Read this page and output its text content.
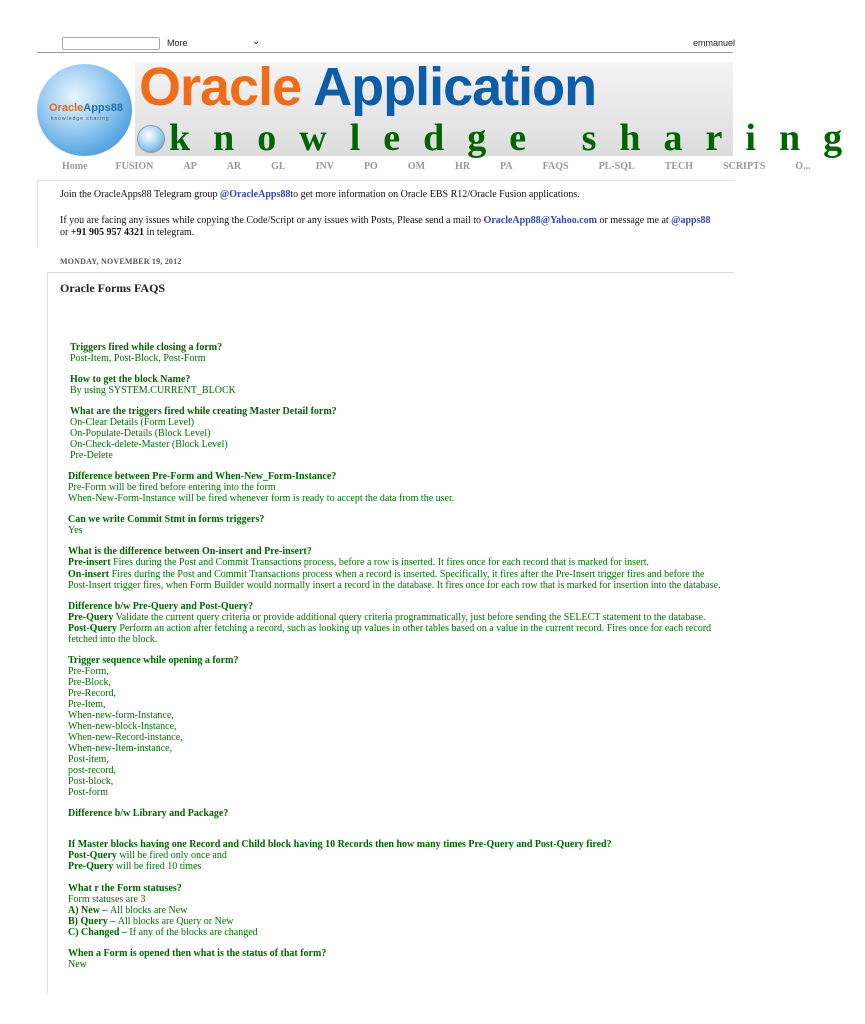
More	⌄	emmanuel
OracleApps88
knowledge sharing
Oracle Application
knowledge sharing
Home	FUSION	AP	AR	GL	INV	PO	OM	HR	PA	FAQS	PL-SQL	TECH	SCRIPTS	O...
Join the OracleApps88 Telegram group @OracleApps88to get more information on Oracle EBS R12/Oracle Fusion applications.
If you are facing any issues while copying the Code/Script or any issues with Posts, Please send a mail to OracleApp88@Yahoo.com or message me at @apps88
or +91 905 957 4321 in telegram.
MONDAY, NOVEMBER 19, 2012
Oracle Forms FAQS
Triggers fired while closing a form?
Post-Item, Post-Block, Post-Form
How to get the block Name?
By using SYSTEM.CURRENT_BLOCK
What are the triggers fired while creating Master Detail form?
On-Clear Details (Form Level)
On-Populate-Details (Block Level)
On-Check-delete-Master (Block Level)
Pre-Delete
Difference between Pre-Form and When-New_Form-Instance?
Pre-Form will be fired before entering into the form
When-New-Form-Instance will be fired whenever form is ready to accept the data from the user.
Can we write Commit Stmt in forms triggers?
Yes
What is the difference between On-insert and Pre-insert?
Pre-insert Fires during the Post and Commit Transactions process, before a row is inserted. It fires once for each record that is marked for insert.
On-insert Fires during the Post and Commit Transactions process when a record is inserted. Specifically, it fires after the Pre-Insert trigger fires and before the
Post-Insert trigger fires, when Form Builder would normally insert a record in the database. It fires once for each row that is marked for insertion into the database.
Difference b/w Pre-Query and Post-Query?
Pre-Query Validate the current query criteria or provide additional query criteria programmatically, just before sending the SELECT statement to the database.
Post-Query Perform an action after fetching a record, such as looking up values in other tables based on a value in the current record. Fires once for each record
fetched into the block.
Trigger sequence while opening a form?
Pre-Form,
Pre-Block,
Pre-Record,
Pre-Item,
When-new-form-Instance,
When-new-block-Instance,
When-new-Record-instance,
When-new-Item-instance,
Post-item,
post-record,
Post-block,
Post-form
Difference b/w Library and Package?
If Master blocks having one Record and Child block having 10 Records then how many times Pre-Query and Post-Query fired?
Post-Query will be fired only once and
Pre-Query will be fired 10 times
What r the Form statuses?
Form statuses are 3
A) New – All blocks are New
B) Query – All blocks are Query or New
C) Changed – If any of the blocks are changed
When a Form is opened then what is the status of that form?
New
